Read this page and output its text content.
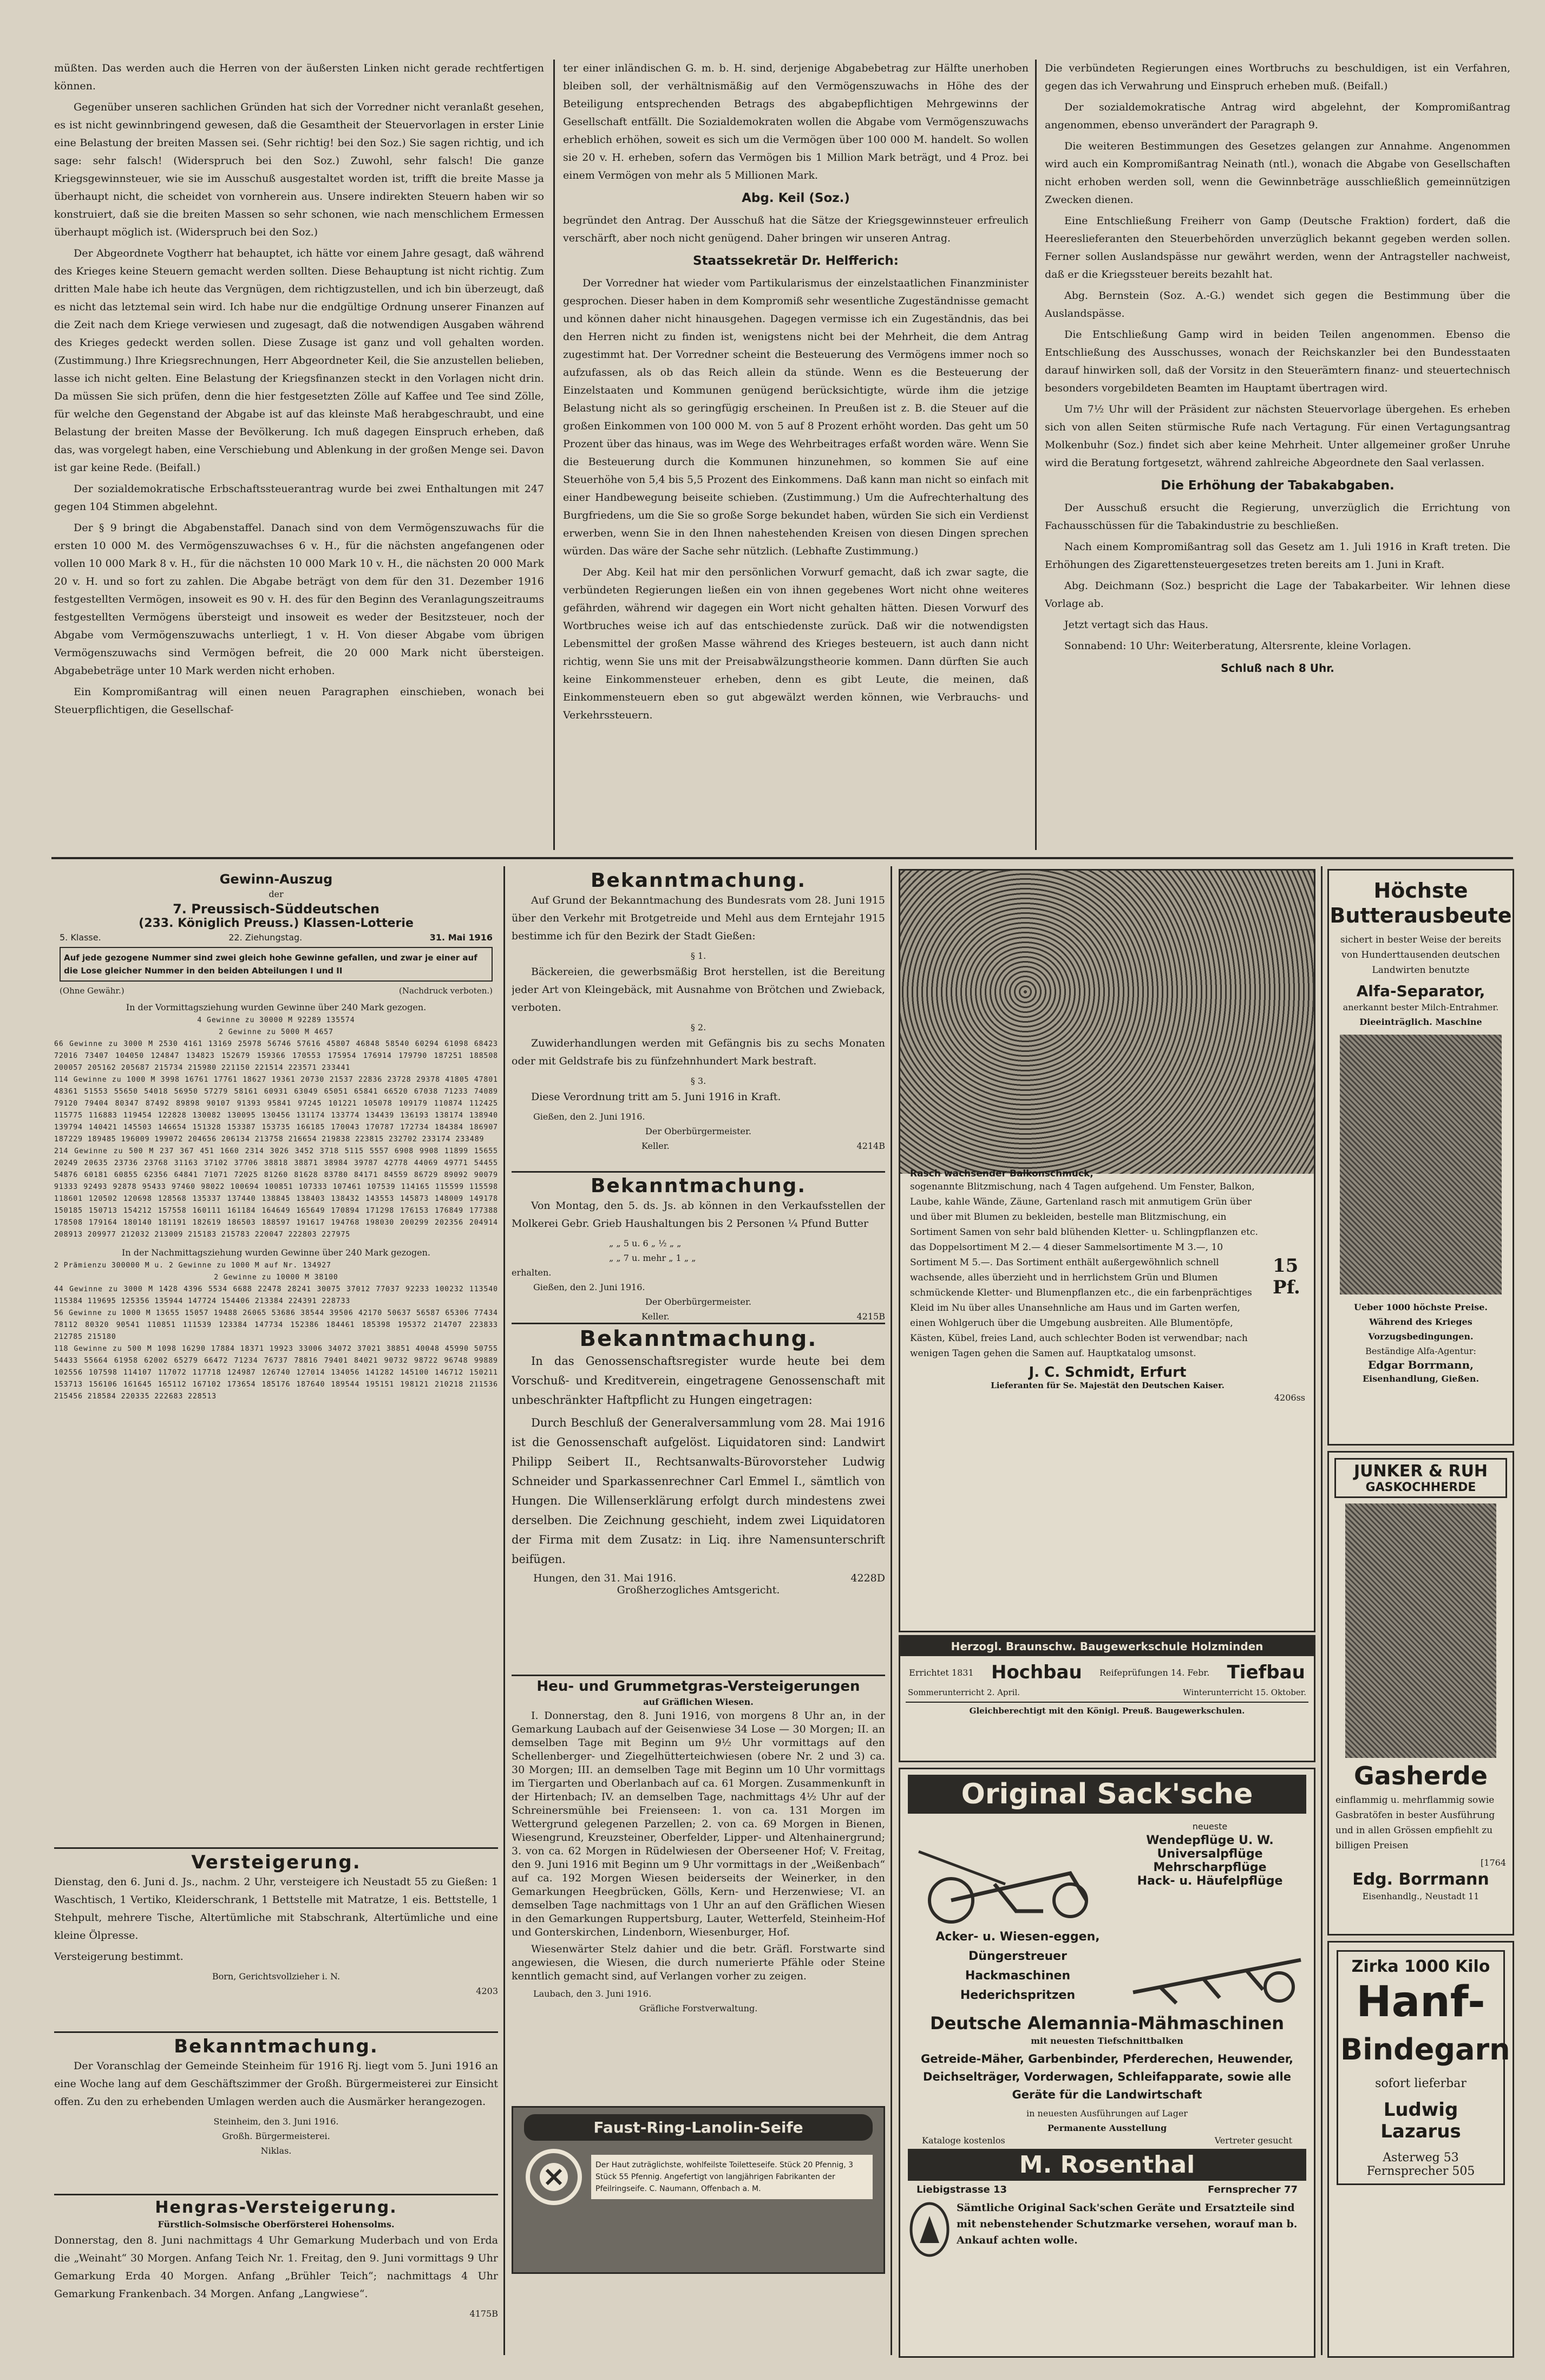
müßten. Das werden auch die Herren von der äußersten Linken nicht gerade rechtfertigen können.

Gegenüber unseren sachlichen Gründen hat sich der Vorredner nicht veranlaßt gesehen, es ist nicht gewinnbringend gewesen, daß die Gesamtheit der Steuervorlagen in erster Linie eine Belastung der breiten Massen sei. (Sehr richtig! bei den Soz.) Sie sagen richtig, und ich sage: sehr falsch! (Widerspruch bei den Soz.) Zuwohl, sehr falsch! Die ganze Kriegsgewinnsteuer, wie sie im Ausschuß ausgestaltet worden ist, trifft die breite Masse ja überhaupt nicht, die scheidet von vornherein aus. Unsere indirekten Steuern haben wir so konstruiert, daß sie die breiten Massen so sehr schonen, wie nach menschlichem Ermessen überhaupt möglich ist. (Widerspruch bei den Soz.)

Der Abgeordnete Vogtherr hat behauptet, ich hätte vor einem Jahre gesagt, daß während des Krieges keine Steuern gemacht werden sollten. Diese Behauptung ist nicht richtig. Zum dritten Male habe ich heute das Vergnügen, dem richtigzustellen, und ich bin überzeugt, daß es nicht das letztemal sein wird. Ich habe nur die endgültige Ordnung unserer Finanzen auf die Zeit nach dem Kriege verwiesen und zugesagt, daß die notwendigen Ausgaben während des Krieges gedeckt werden sollen. Diese Zusage ist ganz und voll gehalten worden. (Zustimmung.) Ihre Kriegsrechnungen, Herr Abgeordneter Keil, die Sie anzustellen belieben, lasse ich nicht gelten. Eine Belastung der Kriegsfinanzen steckt in den Vorlagen nicht drin. Da müssen Sie sich prüfen, denn die hier festgesetzten Zölle auf Kaffee und Tee sind Zölle, für welche den Gegenstand der Abgabe ist auf das kleinste Maß herabgeschraubt, und eine Belastung der breiten Masse der Bevölkerung. Ich muß dagegen Einspruch erheben, daß das, was vorgelegt haben, eine Verschiebung und Ablenkung in der großen Menge sei. Davon ist gar keine Rede. (Beifall.)

Der sozialdemokratische Erbschaftssteuerantrag wurde bei zwei Enthaltungen mit 247 gegen 104 Stimmen abgelehnt.

Der § 9 bringt die Abgabenstaffel. Danach sind von dem Vermögenszuwachs für die ersten 10 000 M. des Vermögenszuwachses 6 v. H., für die nächsten angefangenen oder vollen 10 000 Mark 8 v. H., für die nächsten 10 000 Mark 10 v. H., die nächsten 20 000 Mark 20 v. H. und so fort zu zahlen. Die Abgabe beträgt von dem für den 31. Dezember 1916 festgestellten Vermögen, insoweit es 90 v. H. des für den Beginn des Veranlagungszeitraums festgestellten Vermögens übersteigt und insoweit es weder der Besitzsteuer, noch der Abgabe vom Vermögenszuwachs unterliegt, 1 v. H. Von dieser Abgabe vom übrigen Vermögenszuwachs sind Vermögen befreit, die 20 000 Mark nicht übersteigen. Abgabebeträge unter 10 Mark werden nicht erhoben.

Ein Kompromißantrag will einen neuen Paragraphen einschieben, wonach bei Steuerpflichtigen, die Gesellschaf-

ter einer inländischen G. m. b. H. sind, derjenige Abgabebetrag zur Hälfte unerhoben bleiben soll, der verhältnismäßig auf den Vermögenszuwachs in Höhe des der Beteiligung entsprechenden Betrags des abgabepflichtigen Mehrgewinns der Gesellschaft entfällt. Die Sozialdemokraten wollen die Abgabe vom Vermögenszuwachs erheblich erhöhen, soweit es sich um die Vermögen über 100 000 M. handelt. So wollen sie 20 v. H. erheben, sofern das Vermögen bis 1 Million Mark beträgt, und 4 Proz. bei einem Vermögen von mehr als 5 Millionen Mark.

Abg. Keil (Soz.)

begründet den Antrag. Der Ausschuß hat die Sätze der Kriegsgewinnsteuer erfreulich verschärft, aber noch nicht genügend. Daher bringen wir unseren Antrag.

Staatssekretär Dr. Helfferich:

Der Vorredner hat wieder vom Partikularismus der einzelstaatlichen Finanzminister gesprochen. Dieser haben in dem Kompromiß sehr wesentliche Zugeständnisse gemacht und können daher nicht hinausgehen. Dagegen vermisse ich ein Zugeständnis, das bei den Herren nicht zu finden ist, wenigstens nicht bei der Mehrheit, die dem Antrag zugestimmt hat. Der Vorredner scheint die Besteuerung des Vermögens immer noch so aufzufassen, als ob das Reich allein da stünde. Wenn es die Besteuerung der Einzelstaaten und Kommunen genügend berücksichtigte, würde ihm die jetzige Belastung nicht als so geringfügig erscheinen. In Preußen ist z. B. die Steuer auf die großen Einkommen von 100 000 M. von 5 auf 8 Prozent erhöht worden. Das geht um 50 Prozent über das hinaus, was im Wege des Wehrbeitrages erfaßt worden wäre. Wenn Sie die Besteuerung durch die Kommunen hinzunehmen, so kommen Sie auf eine Steuerhöhe von 5,4 bis 5,5 Prozent des Einkommens. Daß kann man nicht so einfach mit einer Handbewegung beiseite schieben. (Zustimmung.) Um die Aufrechterhaltung des Burgfriedens, um die Sie so große Sorge bekundet haben, würden Sie sich ein Verdienst erwerben, wenn Sie in den Ihnen nahestehenden Kreisen von diesen Dingen sprechen würden. Das wäre der Sache sehr nützlich. (Lebhafte Zustimmung.)

Der Abg. Keil hat mir den persönlichen Vorwurf gemacht, daß ich zwar sagte, die verbündeten Regierungen ließen ein von ihnen gegebenes Wort nicht ohne weiteres gefährden, während wir dagegen ein Wort nicht gehalten hätten. Diesen Vorwurf des Wortbruches weise ich auf das entschiedenste zurück. Daß wir die notwendigsten Lebensmittel der großen Masse während des Krieges besteuern, ist auch dann nicht richtig, wenn Sie uns mit der Preisabwälzungstheorie kommen. Dann dürften Sie auch keine Einkommensteuer erheben, denn es gibt Leute, die meinen, daß Einkommensteuern eben so gut abgewälzt werden können, wie Verbrauchs- und Verkehrssteuern.

Die verbündeten Regierungen eines Wortbruchs zu beschuldigen, ist ein Verfahren, gegen das ich Verwahrung und Einspruch erheben muß. (Beifall.)

Der sozialdemokratische Antrag wird abgelehnt, der Kompromißantrag angenommen, ebenso unverändert der Paragraph 9.

Die weiteren Bestimmungen des Gesetzes gelangen zur Annahme. Angenommen wird auch ein Kompromißantrag Neinath (ntl.), wonach die Abgabe von Gesellschaften nicht erhoben werden soll, wenn die Gewinnbeträge ausschließlich gemeinnützigen Zwecken dienen.

Eine Entschließung Freiherr von Gamp (Deutsche Fraktion) fordert, daß die Heereslieferanten den Steuerbehörden unverzüglich bekannt gegeben werden sollen. Ferner sollen Auslandspässe nur gewährt werden, wenn der Antragsteller nachweist, daß er die Kriegssteuer bereits bezahlt hat.

Abg. Bernstein (Soz. A.-G.) wendet sich gegen die Bestimmung über die Auslandspässe.

Die Entschließung Gamp wird in beiden Teilen angenommen. Ebenso die Entschließung des Ausschusses, wonach der Reichskanzler bei den Bundesstaaten darauf hinwirken soll, daß der Vorsitz in den Steuerämtern finanz- und steuertechnisch besonders vorgebildeten Beamten im Hauptamt übertragen wird.

Um 7½ Uhr will der Präsident zur nächsten Steuervorlage übergehen. Es erheben sich von allen Seiten stürmische Rufe nach Vertagung. Für einen Vertagungsantrag Molkenbuhr (Soz.) findet sich aber keine Mehrheit. Unter allgemeiner großer Unruhe wird die Beratung fortgesetzt, während zahlreiche Abgeordnete den Saal verlassen.

Die Erhöhung der Tabakabgaben.

Der Ausschuß ersucht die Regierung, unverzüglich die Errichtung von Fachausschüssen für die Tabakindustrie zu beschließen.

Nach einem Kompromißantrag soll das Gesetz am 1. Juli 1916 in Kraft treten. Die Erhöhungen des Zigarettensteuergesetzes treten bereits am 1. Juni in Kraft.

Abg. Deichmann (Soz.) bespricht die Lage der Tabakarbeiter. Wir lehnen diese Vorlage ab.

Jetzt vertagt sich das Haus.

Sonnabend: 10 Uhr: Weiterberatung, Altersrente, kleine Vorlagen.

Schluß nach 8 Uhr.
Gewinn-Auszug
der
7. Preussisch-Süddeutschen
(233. Königlich Preuss.) Klassen-Lotterie
5. Klasse.	22. Ziehungstag.	31. Mai 1916
Auf jede gezogene Nummer sind zwei gleich hohe Gewinne gefallen, und zwar je einer auf die Lose gleicher Nummer in den beiden Abteilungen I und II
(Ohne Gewähr.)	(Nachdruck verboten.)
In der Vormittagsziehung wurden Gewinne über 240 Mark gezogen.
4 Gewinne zu 30000 M 92289 135574
2 Gewinne zu 5000 M 4657
66 Gewinne zu 3000 M 2530 4161 13169 25978 56746 57616 45807 46848 58540 60294 61098 68423 72016 73407 104050 124847 134823 152679 159366 170553 175954 176914 179790 187251 188508 200057 205162 205687 215734 215980 221150 221514 223571 233441
114 Gewinne zu 1000 M 3998 16761 17761 18627 19361 20730 21537 22836 23728 29378 41805 47801 48361 51553 55650 54018 56950 57279 58161 60931 63049 65051 65841 66520 67038 71233 74089 79120 79404 80347 87492 89898 90107 91393 95841 97245 101221 105078 109179 110874 112425 115775 116883 119454 122828 130082 130095 130456 131174 133774 134439 136193 138174 138940 139794 140421 145503 146654 151328 153387 153735 166185 170043 170787 172734 184384 186907 187229 189485 196009 199072 204656 206134 213758 216654 219838 223815 232702 233174 233489
214 Gewinne zu 500 M 237 367 451 1660 2314 3026 3452 3718 5115 5557 6908 9908 11899 15655 20249 20635 23736 23768 31163 37102 37706 38818 38871 38984 39787 42778 44069 49771 54455 54876 60181 60855 62356 64841 71071 72025 81260 81628 83780 84171 84559 86729 89092 90079 91333 92493 92878 95433 97460 98022 100694 100851 107333 107461 107539 114165 115599 115598 118601 120502 120698 128568 135337 137440 138845 138403 138432 143553 145873 148009 149178 150185 150713 154212 157558 160111 161184 164649 165649 170894 171298 176153 176849 177388 178508 179164 180140 181191 182619 186503 188597 191617 194768 198030 200299 202356 204914 208913 209977 212032 213009 215183 215783 220047 222803 227975
In der Nachmittagsziehung wurden Gewinne über 240 Mark gezogen.
2 Prämienzu 300000 M u. 2 Gewinne zu 1000 M auf Nr. 134927
2 Gewinne zu 10000 M 38100
44 Gewinne zu 3000 M 1428 4396 5534 6688 22478 28241 30075 37012 77037 92233 100232 113540 115384 119695 125356 135944 147724 154406 213384 224391 228733
56 Gewinne zu 1000 M 13655 15057 19488 26065 53686 38544 39506 42170 50637 56587 65306 77434 78112 80320 90541 110851 111539 123384 147734 152386 184461 185398 195372 214707 223833 212785 215180
118 Gewinne zu 500 M 1098 16290 17884 18371 19923 33006 34072 37021 38851 40048 45990 50755 54433 55664 61958 62002 65279 66472 71234 76737 78816 79401 84021 90732 98722 96748 99889 102556 107598 114107 117072 117718 124987 126740 127014 134056 141282 145100 146712 150211 153713 156106 161645 165112 167102 173654 185176 187640 189544 195151 198121 210218 211536 215456 218584 220335 222683 228513
Versteigerung.

Dienstag, den 6. Juni d. Js., nachm. 2 Uhr, versteigere ich Neustadt 55 zu Gießen: 1 Waschtisch, 1 Vertiko, Kleiderschrank, 1 Bettstelle mit Matratze, 1 eis. Bettstelle, 1 Stehpult, mehrere Tische, Altertümliche mit Stabschrank, Altertümliche und eine kleine Ölpresse.

Versteigerung bestimmt.

Born, Gerichtsvollzieher i. N.
4203
Bekanntmachung.

Der Voranschlag der Gemeinde Steinheim für 1916 Rj. liegt vom 5. Juni 1916 an eine Woche lang auf dem Geschäftszimmer der Großh. Bürgermeisterei zur Einsicht offen. Zu den zu erhebenden Umlagen werden auch die Ausmärker herangezogen.

Steinheim, den 3. Juni 1916.
Großh. Bürgermeisterei.
Niklas.
Hengras-Versteigerung.
Fürstlich-Solmsische Oberförsterei Hohensolms.

Donnerstag, den 8. Juni nachmittags 4 Uhr Gemarkung Muderbach und von Erda die „Weinaht“ 30 Morgen. Anfang Teich Nr. 1. Freitag, den 9. Juni vormittags 9 Uhr Gemarkung Erda 40 Morgen. Anfang „Brühler Teich“; nachmittags 4 Uhr Gemarkung Frankenbach. 34 Morgen. Anfang „Langwiese“.

4175B
Bekanntmachung.

Auf Grund der Bekanntmachung des Bundesrats vom 28. Juni 1915 über den Verkehr mit Brotgetreide und Mehl aus dem Erntejahr 1915 bestimme ich für den Bezirk der Stadt Gießen:

§ 1.

Bäckereien, die gewerbsmäßig Brot herstellen, ist die Bereitung jeder Art von Kleingebäck, mit Ausnahme von Brötchen und Zwieback, verboten.

§ 2.

Zuwiderhandlungen werden mit Gefängnis bis zu sechs Monaten oder mit Geldstrafe bis zu fünfzehnhundert Mark bestraft.

§ 3.

Diese Verordnung tritt am 5. Juni 1916 in Kraft.

Gießen, den 2. Juni 1916.
Der Oberbürgermeister.
Keller.	4214B
Bekanntmachung.

Von Montag, den 5. ds. Js. ab können in den Verkaufsstellen der Molkerei Gebr. Grieb Haushaltungen bis 2 Personen ¼ Pfund Butter

„ „ 5 u. 6 „ ½ „ „
„ „ 7 u. mehr „ 1 „ „
erhalten.
Gießen, den 2. Juni 1916.
Der Oberbürgermeister.
Keller.	4215B
Bekanntmachung.

In das Genossenschaftsregister wurde heute bei dem Vorschuß- und Kreditverein, eingetragene Genossenschaft mit unbeschränkter Haftpflicht zu Hungen eingetragen:

Durch Beschluß der Generalversammlung vom 28. Mai 1916 ist die Genossenschaft aufgelöst. Liquidatoren sind: Landwirt Philipp Seibert II., Rechtsanwalts-Bürovorsteher Ludwig Schneider und Sparkassenrechner Carl Emmel I., sämtlich von Hungen. Die Willenserklärung erfolgt durch mindestens zwei derselben. Die Zeichnung geschieht, indem zwei Liquidatoren der Firma mit dem Zusatz: in Liq. ihre Namensunterschrift beifügen.

Hungen, den 31. Mai 1916.	4228D
Großherzogliches Amtsgericht.
Heu- und Grummetgras-Versteigerungen
auf Gräflichen Wiesen.

I. Donnerstag, den 8. Juni 1916, von morgens 8 Uhr an, in der Gemarkung Laubach auf der Geisenwiese 34 Lose — 30 Morgen; II. an demselben Tage mit Beginn um 9½ Uhr vormittags auf den Schellenberger- und Ziegelhütterteichwiesen (obere Nr. 2 und 3) ca. 30 Morgen; III. an demselben Tage mit Beginn um 10 Uhr vormittags im Tiergarten und Oberlanbach auf ca. 61 Morgen. Zusammenkunft in der Hirtenbach; IV. an demselben Tage, nachmittags 4½ Uhr auf der Schreinersmühle bei Freienseen: 1. von ca. 131 Morgen im Wettergrund gelegenen Parzellen; 2. von ca. 69 Morgen in Bienen, Wiesengrund, Kreuzsteiner, Oberfelder, Lipper- und Altenhainergrund; 3. von ca. 62 Morgen in Rüdelwiesen der Oberseener Hof; V. Freitag, den 9. Juni 1916 mit Beginn um 9 Uhr vormittags in der „Weißenbach“ auf ca. 192 Morgen Wiesen beiderseits der Weinerker, in den Gemarkungen Heegbrücken, Gölls, Kern- und Herzenwiese; VI. an demselben Tage nachmittags von 1 Uhr an auf den Gräflichen Wiesen in den Gemarkungen Ruppertsburg, Lauter, Wetterfeld, Steinheim-Hof und Gonterskirchen, Lindenborn, Wiesenburger, Hof.

Wiesenwärter Stelz dahier und die betr. Gräfl. Forstwarte sind angewiesen, die Wiesen, die durch numerierte Pfähle oder Steine kenntlich gemacht sind, auf Verlangen vorher zu zeigen.

Laubach, den 3. Juni 1916.
Gräfliche Forstverwaltung.
Faust-Ring-Lanolin-Seife
Der Haut zuträglichste, wohlfeilste Toiletteseife. Stück 20 Pfennig, 3 Stück 55 Pfennig. Angefertigt von langjährigen Fabrikanten der Pfeilringseife. C. Naumann, Offenbach a. M.
Rasch wachsender Balkonschmuck,

sogenannte Blitzmischung, nach 4 Tagen aufgehend. Um Fenster, Balkon, Laube, kahle Wände, Zäune, Gartenland rasch mit anmutigem Grün über und über mit Blumen zu bekleiden, bestelle man Blitzmischung, ein Sortiment Samen von sehr bald blühenden Kletter- u. Schlingpflanzen etc. das Doppelsortiment M 2.— 4 dieser Sammelsortimente M 3.—, 10 Sortiment M 5.—. Das Sortiment enthält außergewöhnlich schnell wachsende, alles überzieht und in herrlichstem Grün und Blumen schmückende Kletter- und Blumenpflanzen etc., die ein farbenprächtiges Kleid im Nu über alles Unansehnliche am Haus und im Garten werfen, einen Wohlgeruch über die Umgebung ausbreiten. Alle Blumentöpfe, Kästen, Kübel, freies Land, auch schlechter Boden ist verwendbar; nach wenigen Tagen gehen die Samen auf. Hauptkatalog umsonst.

15 Pf.
J. C. Schmidt, Erfurt
Lieferanten für Se. Majestät den Deutschen Kaiser.
4206ss
Herzogl. Braunschw. Baugewerkschule Holzminden
Errichtet 1831 Hochbau Reifeprüfungen 14. Febr. Tiefbau
Sommerunterricht 2. April.	Winterunterricht 15. Oktober.
Gleichberechtigt mit den Königl. Preuß. Baugewerkschulen.
Original Sack'sche
neueste
Wendepflüge U. W.
Universalpflüge
Mehrscharpflüge
Hack- u. Häufelpflüge
Acker- u. Wiesen-eggen,
Düngerstreuer
Hackmaschinen
Hederichspritzen
Deutsche Alemannia-Mähmaschinen
mit neuesten Tiefschnittbalken
Getreide-Mäher, Garbenbinder, Pferderechen, Heuwender, Deichselträger, Vorderwagen, Schleifapparate, sowie alle Geräte für die Landwirtschaft
in neuesten Ausführungen auf Lager
Permanente Ausstellung
Kataloge kostenlos	Vertreter gesucht
M. Rosenthal
Liebigstrasse 13	Fernsprecher 77
Sämtliche Original Sack'schen Geräte und Ersatzteile sind mit nebenstehender Schutzmarke versehen, worauf man b. Ankauf achten wolle.
Höchste Butterausbeute

sichert in bester Weise der bereits von Hunderttausenden deutschen Landwirten benutzte

Alfa-Separator,
anerkannt bester Milch-Entrahmer.
Dieeinträglich. Maschine
Ueber 1000 höchste Preise. Während des Krieges Vorzugsbedingungen.
Beständige Alfa-Agentur:
Edgar Borrmann,
Eisenhandlung, Gießen.
JUNKER & RUH
GASKOCHHERDE
Gasherde

einflammig u. mehrflammig sowie Gasbratöfen in bester Ausführung und in allen Grössen empfiehlt zu billigen Preisen

[1764
Edg. Borrmann
Eisenhandlg., Neustadt 11
Zirka 1000 Kilo
Hanf-
Bindegarn
sofort lieferbar
Ludwig Lazarus
Asterweg 53
Fernsprecher 505
